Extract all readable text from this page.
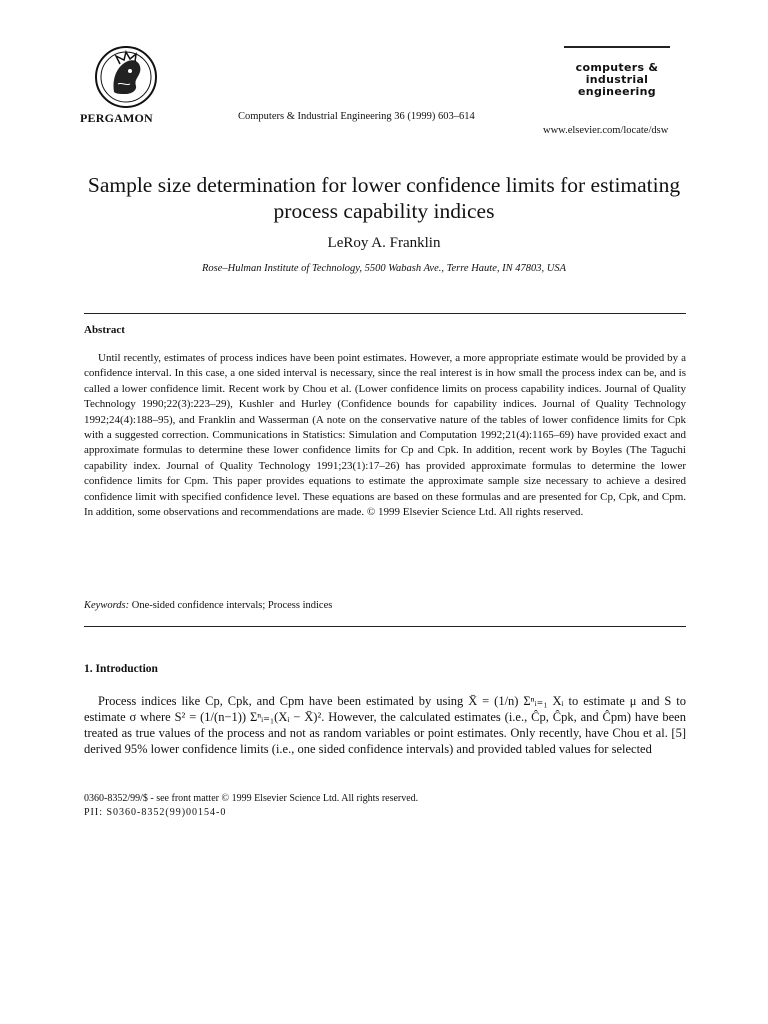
PERGAMON	Computers & Industrial Engineering 36 (1999) 603–614
computers &
industrial
engineering
www.elsevier.com/locate/dsw
Sample size determination for lower confidence limits for estimating process capability indices
LeRoy A. Franklin
Rose–Hulman Institute of Technology, 5500 Wabash Ave., Terre Haute, IN 47803, USA
Abstract
Until recently, estimates of process indices have been point estimates. However, a more appropriate estimate would be provided by a confidence interval. In this case, a one sided interval is necessary, since the real interest is in how small the process index can be, and is called a lower confidence limit. Recent work by Chou et al. (Lower confidence limits on process capability indices. Journal of Quality Technology 1990;22(3):223–29), Kushler and Hurley (Confidence bounds for capability indices. Journal of Quality Technology 1992;24(4):188–95), and Franklin and Wasserman (A note on the conservative nature of the tables of lower confidence limits for Cpk with a suggested correction. Communications in Statistics: Simulation and Computation 1992;21(4):1165–69) have provided exact and approximate formulas to determine these lower confidence limits for Cp and Cpk. In addition, recent work by Boyles (The Taguchi capability index. Journal of Quality Technology 1991;23(1):17–26) has provided approximate formulas to determine the lower confidence limits for Cpm. This paper provides equations to estimate the approximate sample size necessary to achieve a desired confidence limit with specified confidence level. These equations are based on these formulas and are presented for Cp, Cpk, and Cpm. In addition, some observations and recommendations are made. © 1999 Elsevier Science Ltd. All rights reserved.
Keywords: One-sided confidence intervals; Process indices
1. Introduction
Process indices like Cp, Cpk, and Cpm have been estimated by using X̄ = (1/n) Σⁿᵢ₌₁ Xᵢ to estimate μ and S to estimate σ where S² = (1/(n−1)) Σⁿᵢ₌₁(Xᵢ − X̄)². However, the calculated estimates (i.e., Ĉp, Ĉpk, and Ĉpm) have been treated as true values of the process and not as random variables or point estimates. Only recently, have Chou et al. [5] derived 95% lower confidence limits (i.e., one sided confidence intervals) and provided tabled values for selected
0360-8352/99/$ - see front matter © 1999 Elsevier Science Ltd. All rights reserved.
PII: S0360-8352(99)00154-0
